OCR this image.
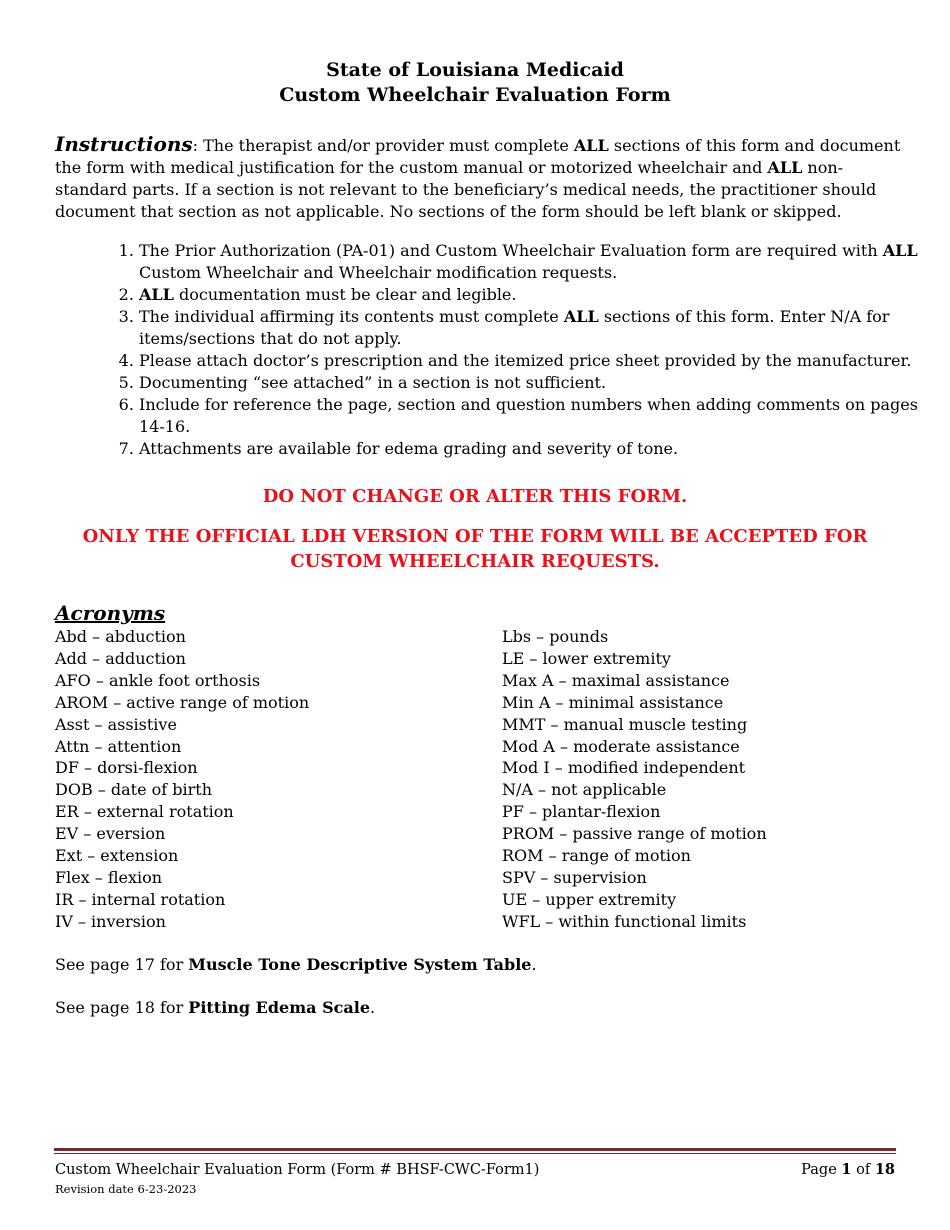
State of Louisiana Medicaid
Custom Wheelchair Evaluation Form
Instructions: The therapist and/or provider must complete ALL sections of this form and document the form with medical justification for the custom manual or motorized wheelchair and ALL non-standard parts. If a section is not relevant to the beneficiary’s medical needs, the practitioner should document that section as not applicable. No sections of the form should be left blank or skipped.
1. The Prior Authorization (PA-01) and Custom Wheelchair Evaluation form are required with ALL Custom Wheelchair and Wheelchair modification requests.
2. ALL documentation must be clear and legible.
3. The individual affirming its contents must complete ALL sections of this form. Enter N/A for items/sections that do not apply.
4. Please attach doctor’s prescription and the itemized price sheet provided by the manufacturer.
5. Documenting “see attached” in a section is not sufficient.
6. Include for reference the page, section and question numbers when adding comments on pages 14-16.
7. Attachments are available for edema grading and severity of tone.
DO NOT CHANGE OR ALTER THIS FORM.
ONLY THE OFFICIAL LDH VERSION OF THE FORM WILL BE ACCEPTED FOR CUSTOM WHEELCHAIR REQUESTS.
Acronyms
Abd – abduction
Add – adduction
AFO – ankle foot orthosis
AROM – active range of motion
Asst – assistive
Attn – attention
DF – dorsi-flexion
DOB – date of birth
ER – external rotation
EV – eversion
Ext – extension
Flex – flexion
IR – internal rotation
IV – inversion
Lbs – pounds
LE – lower extremity
Max A – maximal assistance
Min A – minimal assistance
MMT – manual muscle testing
Mod A – moderate assistance
Mod I – modified independent
N/A – not applicable
PF – plantar-flexion
PROM – passive range of motion
ROM – range of motion
SPV – supervision
UE – upper extremity
WFL – within functional limits
See page 17 for Muscle Tone Descriptive System Table.
See page 18 for Pitting Edema Scale.
Custom Wheelchair Evaluation Form (Form # BHSF-CWC-Form1)
Revision date 6-23-2023
Page 1 of 18
